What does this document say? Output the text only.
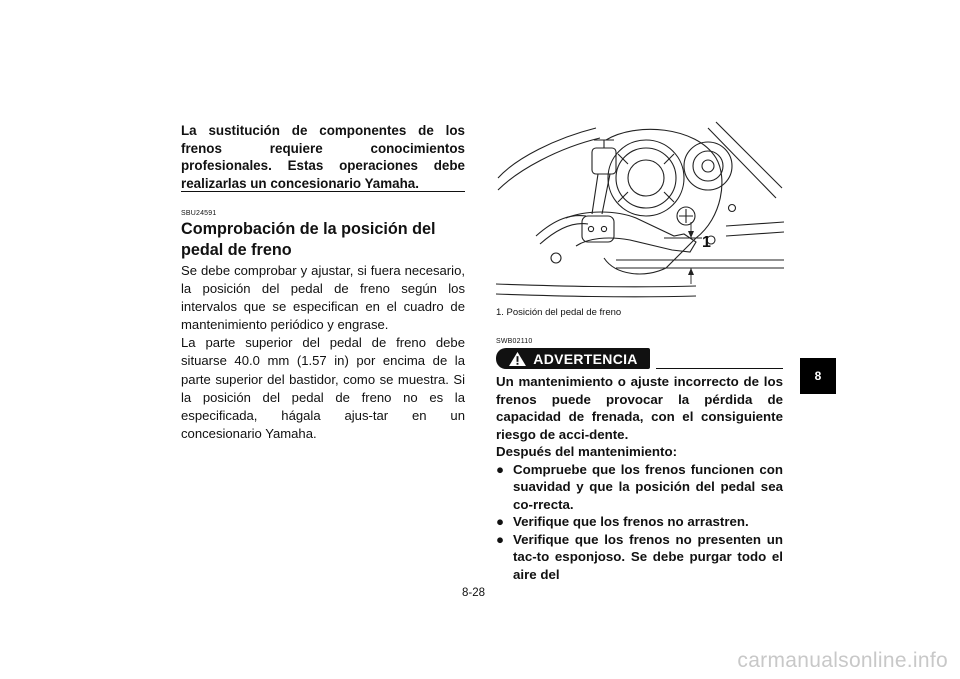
La sustitución de componentes de los frenos requiere conocimientos profesionales. Estas operaciones debe realizarlas un concesionario Yamaha.
SBU24591
Comprobación de la posición del pedal de freno

Se debe comprobar y ajustar, si fuera necesario, la posición del pedal de freno según los intervalos que se especifican en el cuadro de mantenimiento periódico y engrase.

La parte superior del pedal de freno debe situarse 40.0 mm (1.57 in) por encima de la parte superior del bastidor, como se muestra. Si la posición del pedal de freno no es la especificada, hágala ajus-tar en un concesionario Yamaha.

1
1. Posición del pedal de freno
SWB02110
ADVERTENCIA

Un mantenimiento o ajuste incorrecto de los frenos puede provocar la pérdida de capacidad de frenada, con el consiguiente riesgo de acci-dente.

Después del mantenimiento:

● Compruebe que los frenos funcionen con suavidad y que la posición del pedal sea co-rrecta.
● Verifique que los frenos no arrastren.
● Verifique que los frenos no presenten un tac-to esponjoso. Se debe purgar todo el aire del
8-28
8
carmanualsonline.info
